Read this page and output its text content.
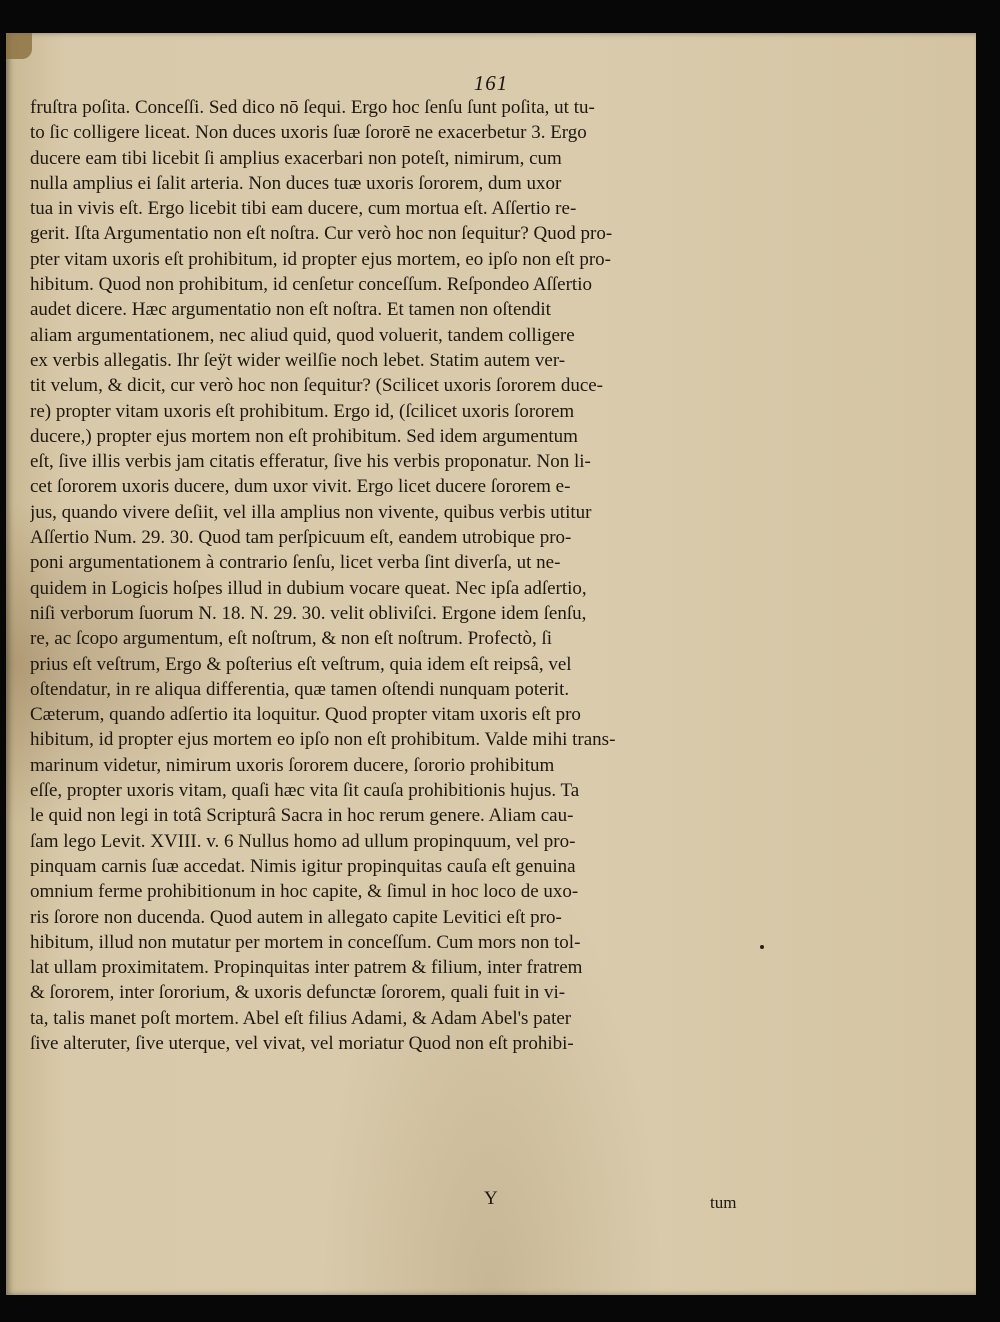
161
fruſtra poſita. Conceſſi. Sed dico nō ſequi. Ergo hoc ſenſu ſunt poſita, ut tu-
to ſic colligere liceat. Non duces uxoris ſuæ ſororē ne exacerbetur 3. Ergo
ducere eam tibi licebit ſi amplius exacerbari non poteſt, nimirum, cum
nulla amplius ei ſalit arteria. Non duces tuæ uxoris ſororem, dum uxor
tua in vivis eſt. Ergo licebit tibi eam ducere, cum mortua eſt. Aſſertio re-
gerit. Iſta Argumentatio non eſt noſtra. Cur verò hoc non ſequitur? Quod pro-
pter vitam uxoris eſt prohibitum, id propter ejus mortem, eo ipſo non eſt pro-
hibitum. Quod non prohibitum, id cenſetur conceſſum. Reſpondeo Aſſertio
audet dicere. Hæc argumentatio non eſt noſtra. Et tamen non oſtendit
aliam argumentationem, nec aliud quid, quod voluerit, tandem colligere
ex verbis allegatis. Ihr ſeÿt wider weilſie noch lebet. Statim autem ver-
tit velum, & dicit, cur verò hoc non ſequitur? (Scilicet uxoris ſororem duce-
re) propter vitam uxoris eſt prohibitum. Ergo id, (ſcilicet uxoris ſororem
ducere,) propter ejus mortem non eſt prohibitum. Sed idem argumentum
eſt, ſive illis verbis jam citatis efferatur, ſive his verbis proponatur. Non li-
cet ſororem uxoris ducere, dum uxor vivit. Ergo licet ducere ſororem e-
jus, quando vivere deſiit, vel illa amplius non vivente, quibus verbis utitur
Aſſertio Num. 29. 30. Quod tam perſpicuum eſt, eandem utrobique pro-
poni argumentationem à contrario ſenſu, licet verba ſint diverſa, ut ne-
quidem in Logicis hoſpes illud in dubium vocare queat. Nec ipſa adſertio,
niſi verborum ſuorum N. 18. N. 29. 30. velit obliviſci. Ergone idem ſenſu,
re, ac ſcopo argumentum, eſt noſtrum, & non eſt noſtrum. Profectò, ſi
prius eſt veſtrum, Ergo & poſterius eſt veſtrum, quia idem eſt reipsâ, vel
oſtendatur, in re aliqua differentia, quæ tamen oſtendi nunquam poterit.
Cæterum, quando adſertio ita loquitur. Quod propter vitam uxoris eſt pro
hibitum, id propter ejus mortem eo ipſo non eſt prohibitum. Valde mihi trans-
marinum videtur, nimirum uxoris ſororem ducere, ſororio prohibitum
eſſe, propter uxoris vitam, quaſi hæc vita ſit cauſa prohibitionis hujus. Ta
le quid non legi in totâ Scripturâ Sacra in hoc rerum genere. Aliam cau-
ſam lego Levit. XVIII. v. 6 Nullus homo ad ullum propinquum, vel pro-
pinquam carnis ſuæ accedat. Nimis igitur propinquitas cauſa eſt genuina
omnium ferme prohibitionum in hoc capite, & ſimul in hoc loco de uxo-
ris ſorore non ducenda. Quod autem in allegato capite Levitici eſt pro-
hibitum, illud non mutatur per mortem in conceſſum. Cum mors non tol-
lat ullam proximitatem. Propinquitas inter patrem & filium, inter fratrem
& ſororem, inter ſororium, & uxoris defunctæ ſororem, quali fuit in vi-
ta, talis manet poſt mortem. Abel eſt filius Adami, & Adam Abel's pater
ſive alteruter, ſive uterque, vel vivat, vel moriatur Quod non eſt prohibi-
Y	tum
